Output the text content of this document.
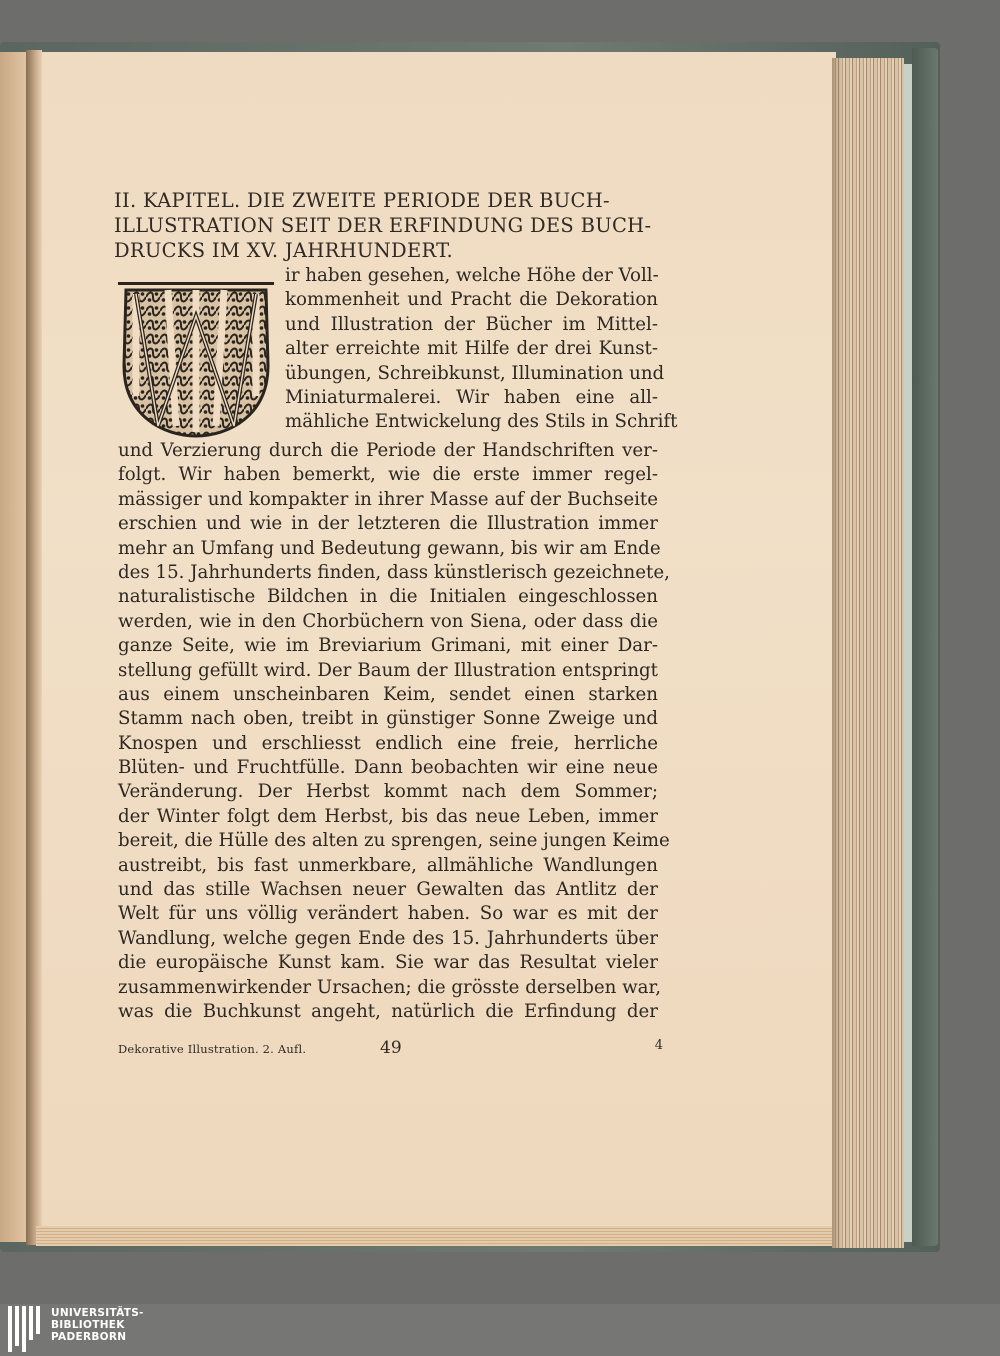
II. KAPITEL. DIE ZWEITE PERIODE DER BUCH-
ILLUSTRATION SEIT DER ERFINDUNG DES BUCH-
DRUCKS IM XV. JAHRHUNDERT.
ir haben gesehen, welche Höhe der Voll-
kommenheit und Pracht die Dekoration
und Illustration der Bücher im Mittel-
alter erreichte mit Hilfe der drei Kunst-
übungen, Schreibkunst, Illumination und
Miniaturmalerei. Wir haben eine all-
mähliche Entwickelung des Stils in Schrift
und Verzierung durch die Periode der Handschriften ver-
folgt. Wir haben bemerkt, wie die erste immer regel-
mässiger und kompakter in ihrer Masse auf der Buchseite
erschien und wie in der letzteren die Illustration immer
mehr an Umfang und Bedeutung gewann, bis wir am Ende
des 15. Jahrhunderts finden, dass künstlerisch gezeichnete,
naturalistische Bildchen in die Initialen eingeschlossen
werden, wie in den Chorbüchern von Siena, oder dass die
ganze Seite, wie im Breviarium Grimani, mit einer Dar-
stellung gefüllt wird. Der Baum der Illustration entspringt
aus einem unscheinbaren Keim, sendet einen starken
Stamm nach oben, treibt in günstiger Sonne Zweige und
Knospen und erschliesst endlich eine freie, herrliche
Blüten- und Fruchtfülle. Dann beobachten wir eine neue
Veränderung. Der Herbst kommt nach dem Sommer;
der Winter folgt dem Herbst, bis das neue Leben, immer
bereit, die Hülle des alten zu sprengen, seine jungen Keime
austreibt, bis fast unmerkbare, allmähliche Wandlungen
und das stille Wachsen neuer Gewalten das Antlitz der
Welt für uns völlig verändert haben. So war es mit der
Wandlung, welche gegen Ende des 15. Jahrhunderts über
die europäische Kunst kam. Sie war das Resultat vieler
zusammenwirkender Ursachen; die grösste derselben war,
was die Buchkunst angeht, natürlich die Erfindung der
Dekorative Illustration. 2. Aufl.	49	4
UNIVERSITÄTS-
BIBLIOTHEK
PADERBORN
